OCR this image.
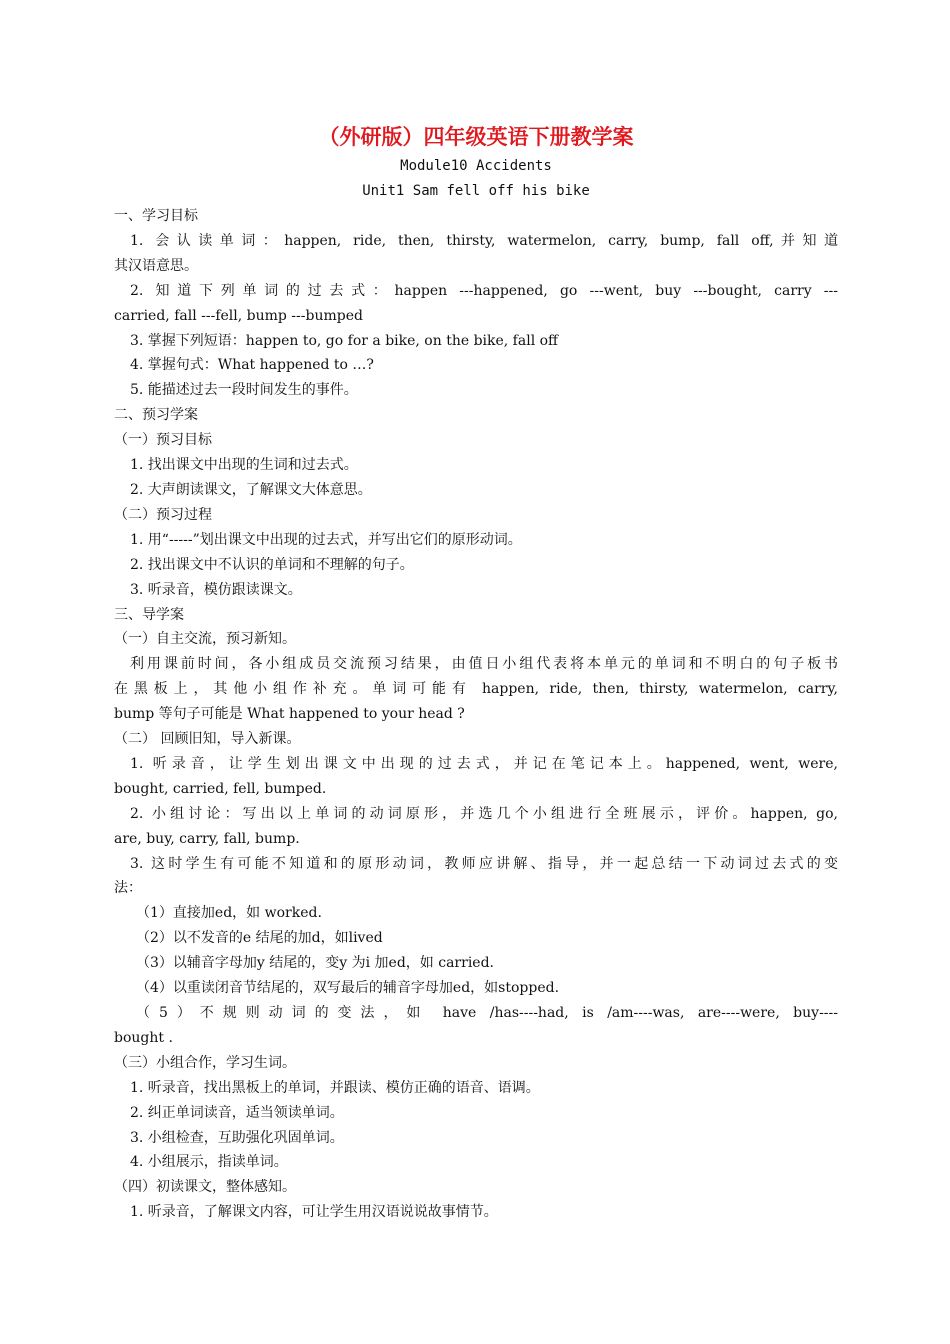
（外研版）四年级英语下册教学案
Module10 Accidents
Unit1 Sam fell off his bike
一、学习目标
1. 会认读单词：happen, ride, then, thirsty, watermelon, carry, bump, fall off,并知道
其汉语意思。
2. 知道下列单词的过去式：happen ---happened, go ---went, buy ---bought, carry ---
carried, fall ---fell, bump ---bumped
3. 掌握下列短语：happen to, go for a bike, on the bike, fall off
4. 掌握句式：What happened to …?
5. 能描述过去一段时间发生的事件。
二、预习学案
（一）预习目标
1. 找出课文中出现的生词和过去式。
2. 大声朗读课文，了解课文大体意思。
（二）预习过程
1. 用“-----”划出课文中出现的过去式，并写出它们的原形动词。
2. 找出课文中不认识的单词和不理解的句子。
3. 听录音，模仿跟读课文。
三、导学案
（一）自主交流，预习新知。
利用课前时间，各小组成员交流预习结果，由值日小组代表将本单元的单词和不明白的句子板书
在黑板上，其他小组作补充。单词可能有 happen, ride, then, thirsty, watermelon, carry,
bump 等句子可能是 What happened to your head ?
（二） 回顾旧知，导入新课。
1. 听录音，让学生划出课文中出现的过去式，并记在笔记本上。happened, went, were,
bought, carried, fell, bumped.
2. 小组讨论：写出以上单词的动词原形，并选几个小组进行全班展示，评价。happen, go,
are, buy, carry, fall, bump.
3. 这时学生有可能不知道和的原形动词，教师应讲解、指导，并一起总结一下动词过去式的变
法：
（1）直接加ed，如 worked.
（2）以不发音的e 结尾的加d，如lived
（3）以辅音字母加y 结尾的，变y 为i 加ed，如 carried.
（4）以重读闭音节结尾的，双写最后的辅音字母加ed，如stopped.
（5）不规则动词的变法，如 have /has----had, is /am----was, are----were, buy----
bought .
（三）小组合作，学习生词。
1. 听录音，找出黑板上的单词，并跟读、模仿正确的语音、语调。
2. 纠正单词读音，适当领读单词。
3. 小组检查，互助强化巩固单词。
4. 小组展示，指读单词。
（四）初读课文，整体感知。
1. 听录音，了解课文内容，可让学生用汉语说说故事情节。
